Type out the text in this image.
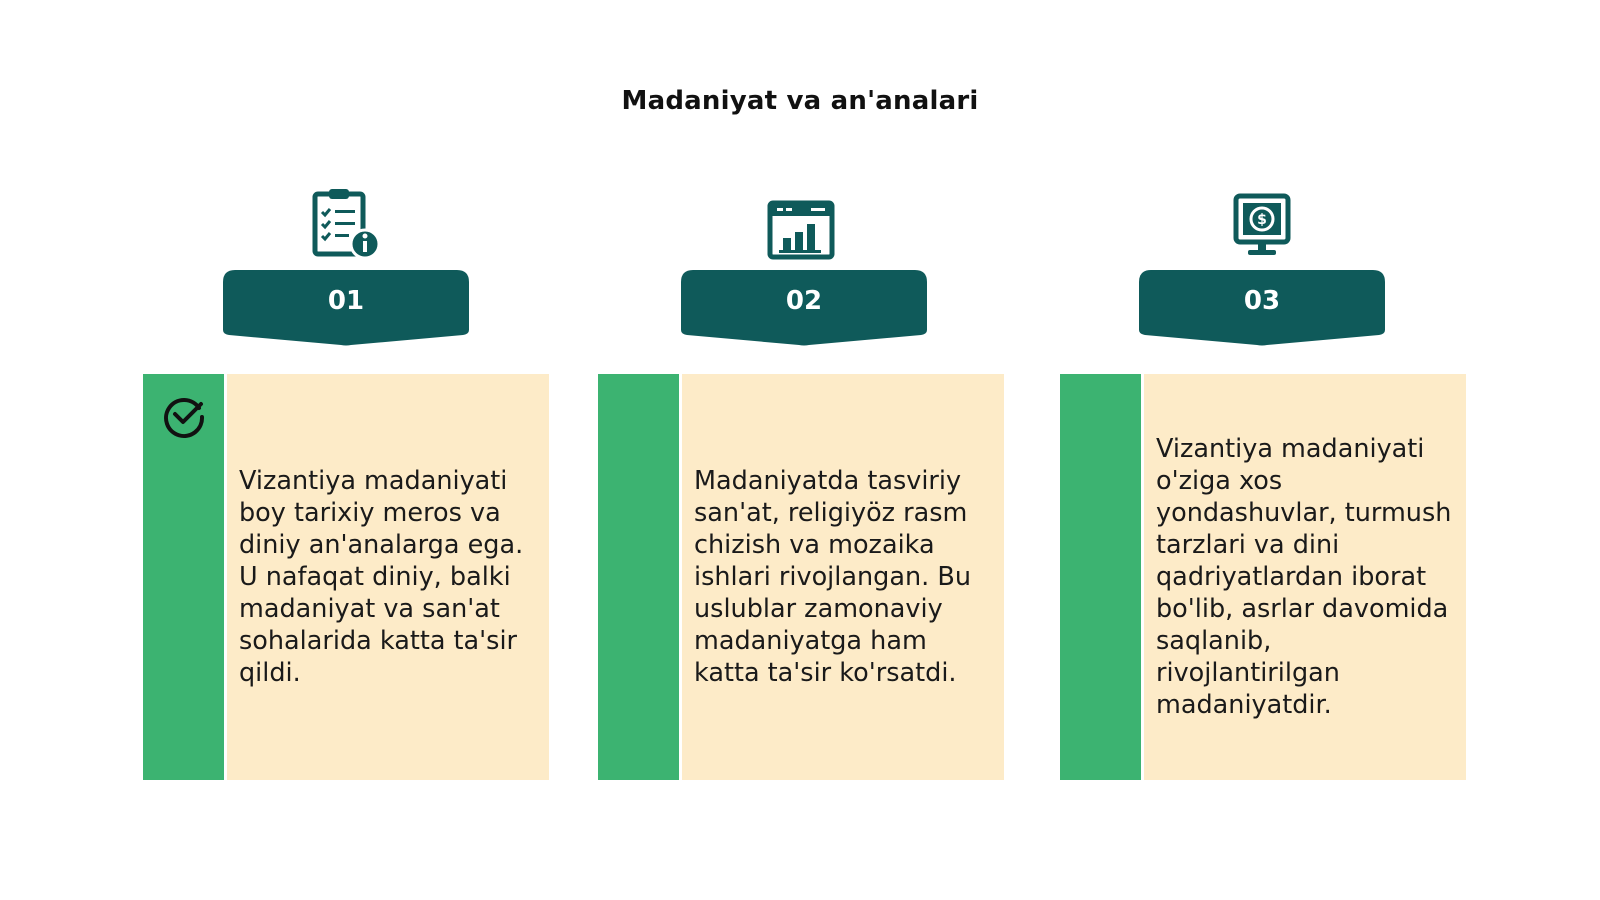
Madaniyat va an'analari
01
Vizantiya madaniyati boy tarixiy meros va diniy an'analarga ega. U nafaqat diniy, balki madaniyat va san'at sohalarida katta ta'sir qildi.
02
Madaniyatda tasviriy san'at, religiyöz rasm chizish va mozaika ishlari rivojlangan. Bu uslublar zamonaviy madaniyatga ham katta ta'sir ko'rsatdi.
$
03
Vizantiya madaniyati o'ziga xos yondashuvlar, turmush tarzlari va dini qadriyatlardan iborat bo'lib, asrlar davomida saqlanib, rivojlantirilgan madaniyatdir.
